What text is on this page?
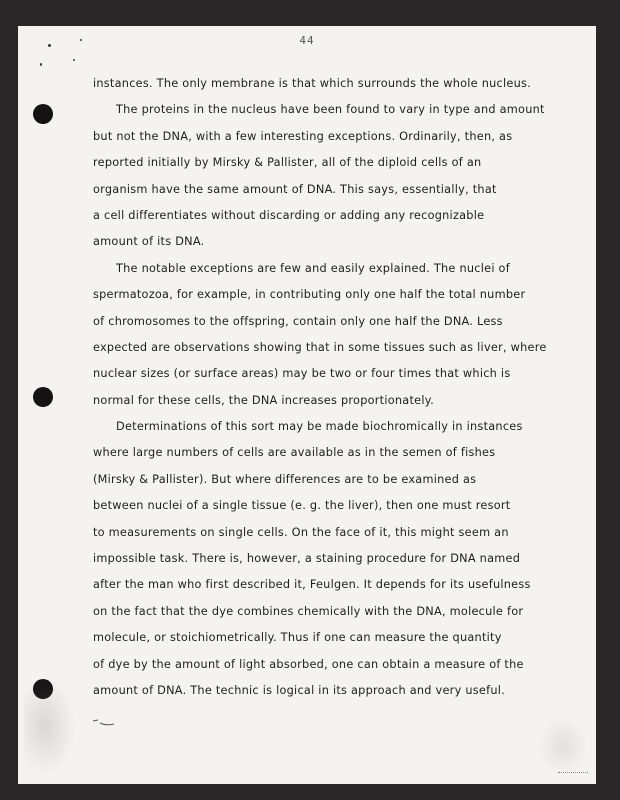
44
instances. The only membrane is that which surrounds the whole nucleus.
The proteins in the nucleus have been found to vary in type and amount
but not the DNA, with a few interesting exceptions. Ordinarily, then, as
reported initially by Mirsky & Pallister, all of the diploid cells of an
organism have the same amount of DNA. This says, essentially, that
a cell differentiates without discarding or adding any recognizable
amount of its DNA.
The notable exceptions are few and easily explained. The nuclei of
spermatozoa, for example, in contributing only one half the total number
of chromosomes to the offspring, contain only one half the DNA. Less
expected are observations showing that in some tissues such as liver, where
nuclear sizes (or surface areas) may be two or four times that which is
normal for these cells, the DNA increases proportionately.
Determinations of this sort may be made biochromically in instances
where large numbers of cells are available as in the semen of fishes
(Mirsky & Pallister). But where differences are to be examined as
between nuclei of a single tissue (e. g. the liver), then one must resort
to measurements on single cells. On the face of it, this might seem an
impossible task. There is, however, a staining procedure for DNA named
after the man who first described it, Feulgen. It depends for its usefulness
on the fact that the dye combines chemically with the DNA, molecule for
molecule, or stoichiometrically. Thus if one can measure the quantity
of dye by the amount of light absorbed, one can obtain a measure of the
amount of DNA. The technic is logical in its approach and very useful.
